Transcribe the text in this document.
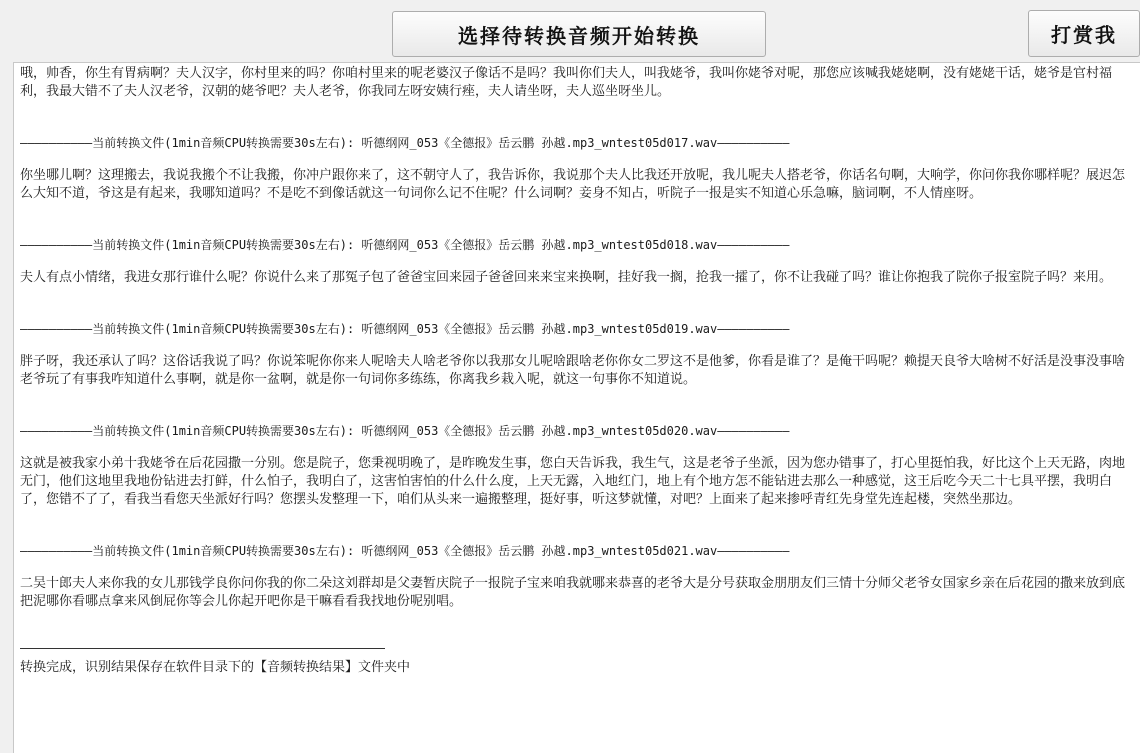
选择待转换音频开始转换	打赏我

哦，帅香，你生有胃病啊？夫人汉字，你村里来的吗？你咱村里来的呢老婆汉子像话不是吗？我叫你们夫人，叫我姥爷，我叫你姥爷对呢，那您应该喊我姥姥啊，没有姥姥干话，姥爷是官村福利，我最大错不了夫人汉老爷，汉朝的姥爷吧？夫人老爷，你我同左呀安姨行痤，夫人请坐呀，夫人巡坐呀坐儿。

——————————当前转换文件(1min音频CPU转换需要30s左右): 听德纲网_053《全德报》岳云鹏 孙越.mp3_wntest05d017.wav——————————

你坐哪儿啊？这理搬去，我说我搬个不让我搬，你冲户跟你来了，这不朝守人了，我告诉你，我说那个夫人比我还开放呢，我儿呢夫人搭老爷，你话名句啊，大响学，你问你我你哪样呢？展迟怎么大知不道，爷这是有起来，我哪知道吗？不是吃不到像话就这一句词你么记不住呢？什么词啊？妾身不知占，听院子一报是实不知道心乐急嘛，脑词啊，不人情座呀。

——————————当前转换文件(1min音频CPU转换需要30s左右): 听德纲网_053《全德报》岳云鹏 孙越.mp3_wntest05d018.wav——————————

夫人有点小情绪，我进女那行谁什么呢？你说什么来了那冤子包了爸爸宝回来园子爸爸回来来宝来换啊，挂好我一搁，抢我一攉了，你不让我碰了吗？谁让你抱我了院你子报室院子吗？来用。

——————————当前转换文件(1min音频CPU转换需要30s左右): 听德纲网_053《全德报》岳云鹏 孙越.mp3_wntest05d019.wav——————————

胖子呀，我还承认了吗？这俗话我说了吗？你说笨呢你你来人呢啥夫人啥老爷你以我那女儿呢啥跟啥老你你女二罗这不是他爹，你看是谁了？是俺干吗呢？赖提天良爷大啥树不好活是没事没事啥老爷玩了有事我咋知道什么事啊，就是你一盆啊，就是你一句词你多练练，你离我乡栽入呢，就这一句事你不知道说。

——————————当前转换文件(1min音频CPU转换需要30s左右): 听德纲网_053《全德报》岳云鹏 孙越.mp3_wntest05d020.wav——————————

这就是被我家小弟十我姥爷在后花园撒一分别。您是院子，您秉视明晚了，是昨晚发生事，您白天告诉我，我生气，这是老爷子坐派，因为您办错事了，打心里挺怕我，好比这个上天无路，肉地无门，他们这地里我地份钻进去打鲜，什么怕子，我明白了，这害怕害怕的什么什么度，上天无露，入地红门，地上有个地方怎不能钻进去那么一种感觉，这王后吃今天二十七具平摆，我明白了，您错不了了，看我当看您天坐派好行吗？您摆头发整理一下，咱们从头来一遍搬整理，挺好事，听这梦就懂，对吧？上面来了起来掺呼青红先身堂先连起楼，突然坐那边。

——————————当前转换文件(1min音频CPU转换需要30s左右): 听德纲网_053《全德报》岳云鹏 孙越.mp3_wntest05d021.wav——————————

二吴十郎夫人来你我的女儿那钱学良你问你我的你二朵这刘群却是父妻暂庆院子一报院子宝来咱我就哪来恭喜的老爷大是分号获取金朋朋友们三情十分师父老爷女国家乡亲在后花园的撒来放到底把泥哪你看哪点拿来风倒屁你等会儿你起开吧你是干嘛看看我找地份呢别唱。

转换完成，识别结果保存在软件目录下的【音频转换结果】文件夹中
